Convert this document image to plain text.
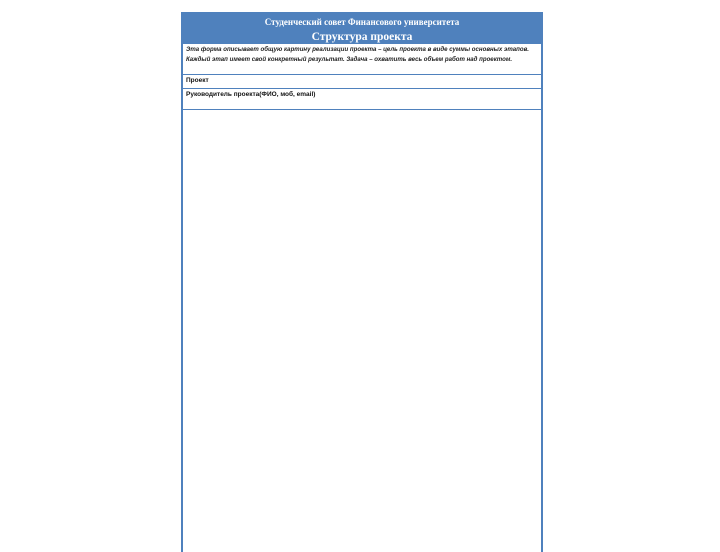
Студенческий совет Финансового университета
Структура проекта
Эта форма описывает общую картину реализации проекта – цель проекта в виде суммы основных этапов. Каждый этап имеет свой конкретный результат. Задача – охватить весь объем работ над проектом.
Проект
Руководитель проекта(ФИО, моб, email)
